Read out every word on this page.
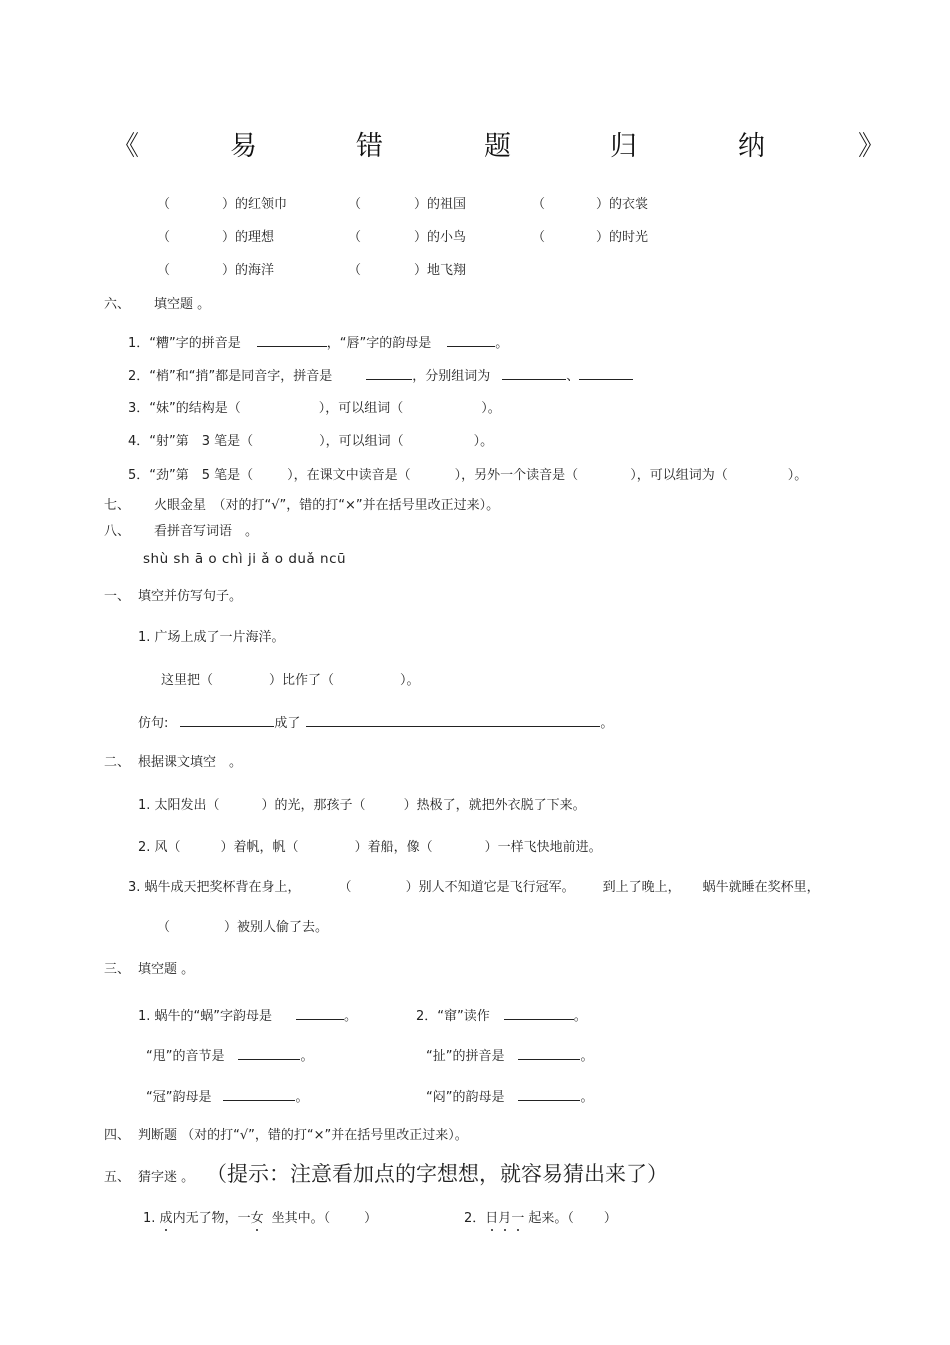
《	易	错	题	归	纳	》
（	）的红领巾	（	）的祖国	（	）的衣裳
（	）的理想	（	）的小鸟	（	）的时光
（	）的海洋	（	）地飞翔
六、 填空题 。
1．“糟”字的拼音是	，“唇”字的韵母是	。
2．“梢”和“捎”都是同音字，拼音是	，分别组词为	、
3．“妹”的结构是（	），可以组词（	）。
4．“射”第　3 笔是（	），可以组词（	）。
5．“劲”第　5 笔是（	），在课文中读音是（	），另外一个读音是（	），可以组词为（	）。
七、 火眼金星　（对的打“√”，错的打“×”并在括号里改正过来）。
八、 看拼音写词语　。
shù sh ā o chì ji ǎ o duǎ ncū
一、 填空并仿写句子。
1. 广场上成了一片海洋。
这里把（	）比作了（	）。
仿句:	成了	。
二、 根据课文填空　。
1. 太阳发出（	）的光，那孩子（	）热极了，就把外衣脱了下来。
2. 风（	）着帆，帆（	）着船，像（	）一样飞快地前进。
3. 蜗牛成天把奖杯背在身上，	（	）别人不知道它是飞行冠军。 到上了晚上， 蜗牛就睡在奖杯里，
（	）被别人偷了去。
三、 填空题 。
1. 蜗牛的“蜗”字韵母是	。	2．“窜”读作	。
“甩”的音节是	。	“扯”的拼音是	。
“冠”韵母是	。	“闷”的韵母是	。
四、 判断题 （对的打“√”，错的打“×”并在括号里改正过来）。
五、 猜字迷 。 （提示：注意看加点的字想想，就容易猜出来了）
1. 成内无了物，一女 坐其中。（	）	2．日月一 起来。（ ）
